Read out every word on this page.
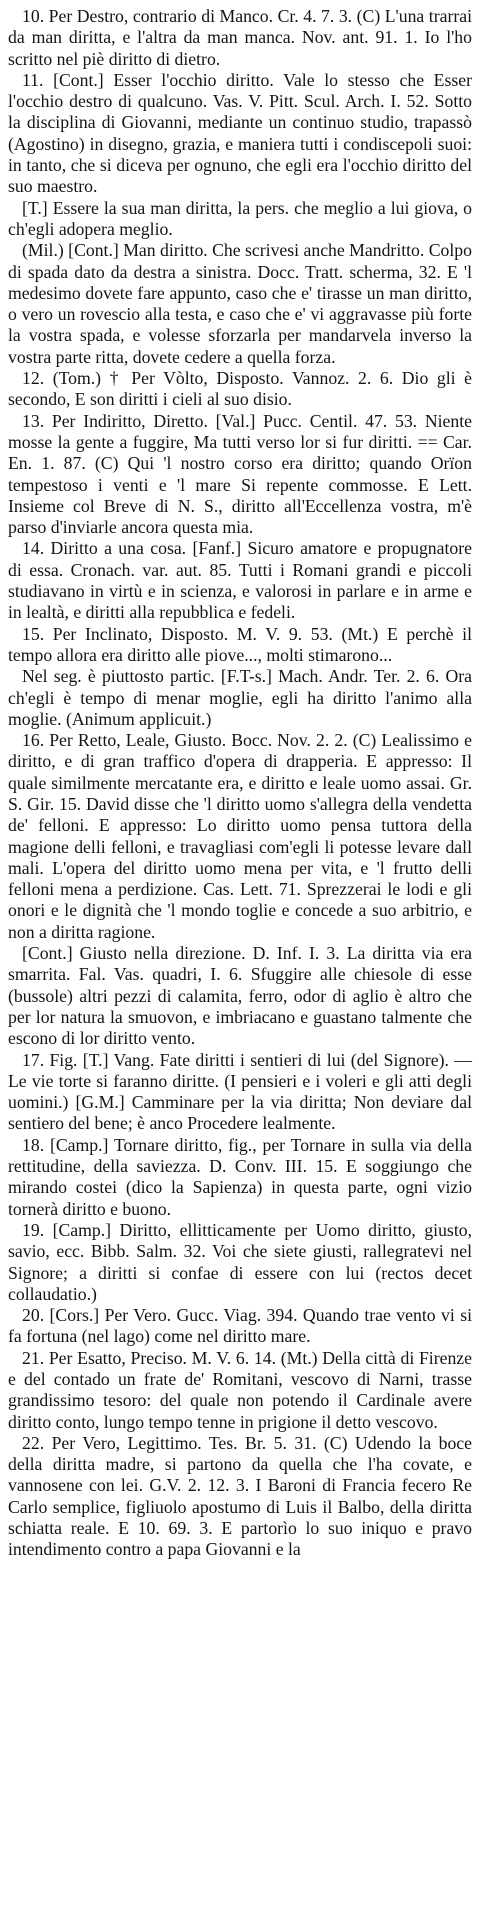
10. Per Destro, contrario di Manco. Cr. 4. 7. 3. (C) L'una trarrai da man diritta, e l'altra da man manca. Nov. ant. 91. 1. Io l'ho scritto nel piè diritto di dietro.

11. [Cont.] Esser l'occhio diritto. Vale lo stesso che Esser l'occhio destro di qualcuno. Vas. V. Pitt. Scul. Arch. I. 52. Sotto la disciplina di Giovanni, mediante un continuo studio, trapassò (Agostino) in disegno, grazia, e maniera tutti i condiscepoli suoi: in tanto, che si diceva per ognuno, che egli era l'occhio diritto del suo maestro.

[T.] Essere la sua man diritta, la pers. che meglio a lui giova, o ch'egli adopera meglio.

(Mil.) [Cont.] Man diritto. Che scrivesi anche Mandritto. Colpo di spada dato da destra a sinistra. Docc. Tratt. scherma, 32. E 'l medesimo dovete fare appunto, caso che e' tirasse un man diritto, o vero un rovescio alla testa, e caso che e' vi aggravasse più forte la vostra spada, e volesse sforzarla per mandarvela inverso la vostra parte ritta, dovete cedere a quella forza.

12. (Tom.) † Per Vòlto, Disposto. Vannoz. 2. 6. Dio gli è secondo, E son diritti i cieli al suo disio.

13. Per Indiritto, Diretto. [Val.] Pucc. Centil. 47. 53. Niente mosse la gente a fuggire, Ma tutti verso lor si fur diritti. == Car. En. 1. 87. (C) Qui 'l nostro corso era diritto; quando Orïon tempestoso i venti e 'l mare Si repente commosse. E Lett. Insieme col Breve di N. S., diritto all'Eccellenza vostra, m'è parso d'inviarle ancora questa mia.

14. Diritto a una cosa. [Fanf.] Sicuro amatore e propugnatore di essa. Cronach. var. aut. 85. Tutti i Romani grandi e piccoli studiavano in virtù e in scienza, e valorosi in parlare e in arme e in lealtà, e diritti alla repubblica e fedeli.

15. Per Inclinato, Disposto. M. V. 9. 53. (Mt.) E perchè il tempo allora era diritto alle piove..., molti stimarono...

Nel seg. è piuttosto partic. [F.T-s.] Mach. Andr. Ter. 2. 6. Ora ch'egli è tempo di menar moglie, egli ha diritto l'animo alla moglie. (Animum applicuit.)

16. Per Retto, Leale, Giusto. Bocc. Nov. 2. 2. (C) Lealissimo e diritto, e di gran traffico d'opera di drapperia. E appresso: Il quale similmente mercatante era, e diritto e leale uomo assai. Gr. S. Gir. 15. David disse che 'l diritto uomo s'allegra della vendetta de' felloni. E appresso: Lo diritto uomo pensa tuttora della magione delli felloni, e travagliasi com'egli li potesse levare dall mali. L'opera del diritto uomo mena per vita, e 'l frutto delli felloni mena a perdizione. Cas. Lett. 71. Sprezzerai le lodi e gli onori e le dignità che 'l mondo toglie e concede a suo arbitrio, e non a diritta ragione.

[Cont.] Giusto nella direzione. D. Inf. I. 3. La diritta via era smarrita. Fal. Vas. quadri, I. 6. Sfuggire alle chiesole di esse (bussole) altri pezzi di calamita, ferro, odor di aglio è altro che per lor natura la smuovon, e imbriacano e guastano talmente che escono di lor diritto vento.

17. Fig. [T.] Vang. Fate diritti i sentieri di lui (del Signore). — Le vie torte si faranno diritte. (I pensieri e i voleri e gli atti degli uomini.) [G.M.] Camminare per la via diritta; Non deviare dal sentiero del bene; è anco Procedere lealmente.

18. [Camp.] Tornare diritto, fig., per Tornare in sulla via della rettitudine, della saviezza. D. Conv. III. 15. E soggiungo che mirando costei (dico la Sapienza) in questa parte, ogni vizio tornerà diritto e buono.

19. [Camp.] Diritto, ellitticamente per Uomo diritto, giusto, savio, ecc. Bibb. Salm. 32. Voi che siete giusti, rallegratevi nel Signore; a diritti si confae di essere con lui (rectos decet collaudatio.)

20. [Cors.] Per Vero. Gucc. Viag. 394. Quando trae vento vi si fa fortuna (nel lago) come nel diritto mare.

21. Per Esatto, Preciso. M. V. 6. 14. (Mt.) Della città di Firenze e del contado un frate de' Romitani, vescovo di Narni, trasse grandissimo tesoro: del quale non potendo il Cardinale avere diritto conto, lungo tempo tenne in prigione il detto vescovo.

22. Per Vero, Legittimo. Tes. Br. 5. 31. (C) Udendo la boce della diritta madre, si partono da quella che l'ha covate, e vannosene con lei. G.V. 2. 12. 3. I Baroni di Francia fecero Re Carlo semplice, figliuolo apostumo di Luis il Balbo, della diritta schiatta reale. E 10. 69. 3. E partorìo lo suo iniquo e pravo intendimento contro a papa Giovanni e la
